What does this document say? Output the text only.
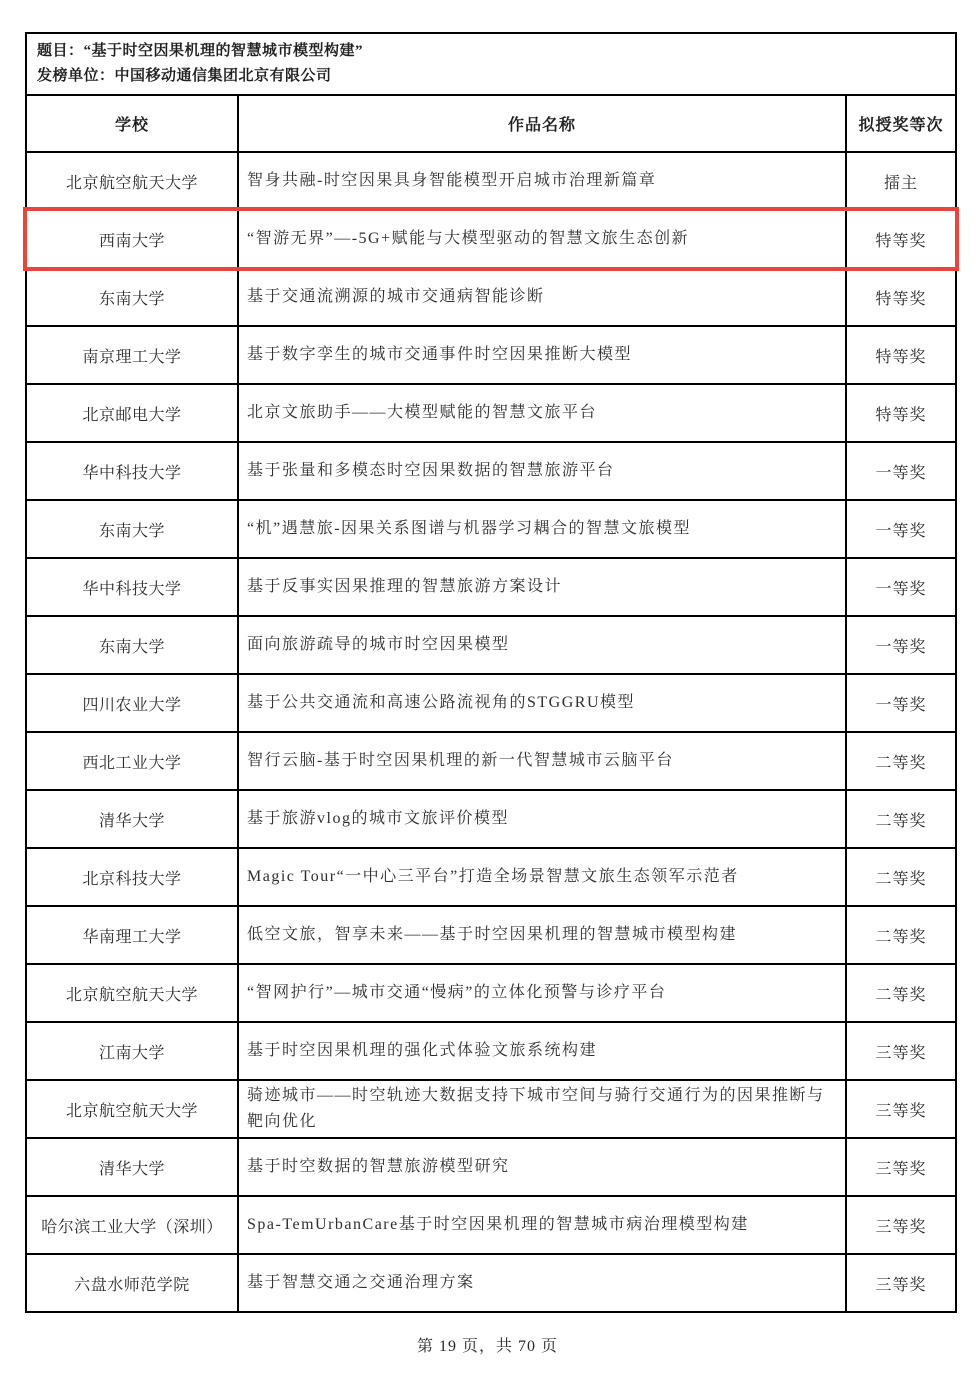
题目：“基于时空因果机理的智慧城市模型构建”
发榜单位：中国移动通信集团北京有限公司		

学校	作品名称	拟授奖等次
北京航空航天大学	智身共融-时空因果具身智能模型开启城市治理新篇章	擂主
西南大学	“智游无界”—-5G+赋能与大模型驱动的智慧文旅生态创新	特等奖
东南大学	基于交通流溯源的城市交通病智能诊断	特等奖
南京理工大学	基于数字孪生的城市交通事件时空因果推断大模型	特等奖
北京邮电大学	北京文旅助手——大模型赋能的智慧文旅平台	特等奖
华中科技大学	基于张量和多模态时空因果数据的智慧旅游平台	一等奖
东南大学	“机”遇慧旅-因果关系图谱与机器学习耦合的智慧文旅模型	一等奖
华中科技大学	基于反事实因果推理的智慧旅游方案设计	一等奖
东南大学	面向旅游疏导的城市时空因果模型	一等奖
四川农业大学	基于公共交通流和高速公路流视角的STGGRU模型	一等奖
西北工业大学	智行云脑-基于时空因果机理的新一代智慧城市云脑平台	二等奖
清华大学	基于旅游vlog的城市文旅评价模型	二等奖
北京科技大学	Magic Tour“一中心三平台”打造全场景智慧文旅生态领军示范者	二等奖
华南理工大学	低空文旅，智享未来——基于时空因果机理的智慧城市模型构建	二等奖
北京航空航天大学	“智网护行”—城市交通“慢病”的立体化预警与诊疗平台	二等奖
江南大学	基于时空因果机理的强化式体验文旅系统构建	三等奖
北京航空航天大学	骑迹城市——时空轨迹大数据支持下城市空间与骑行交通行为的因果推断与靶向优化	三等奖
清华大学	基于时空数据的智慧旅游模型研究	三等奖
哈尔滨工业大学（深圳）	Spa-TemUrbanCare基于时空因果机理的智慧城市病治理模型构建	三等奖
六盘水师范学院	基于智慧交通之交通治理方案	三等奖
第 19 页，共 70 页
